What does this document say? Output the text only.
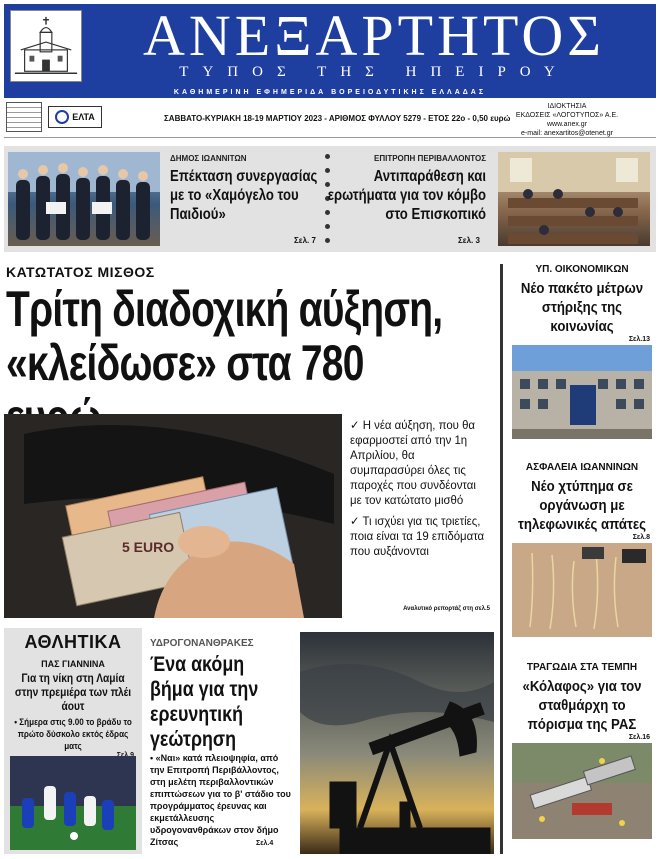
ΑΝΕΞΑΡΤΗΤΟΣ
ΤΥΠΟΣ ΤΗΣ ΗΠΕΙΡΟΥ
ΚΑΘΗΜΕΡΙΝΗ ΕΦΗΜΕΡΙΔΑ ΒΟΡΕΙΟΔΥΤΙΚΗΣ ΕΛΛΑΔΑΣ
ΕΛΤΑ	ΣΑΒΒΑΤΟ-ΚΥΡΙΑΚΗ 18-19 ΜΑΡΤΙΟΥ 2023 - ΑΡΙΘΜΟΣ ΦΥΛΛΟΥ 5279 - ΕΤΟΣ 22ο - 0,50 ευρώ
ΙΔΙΟΚΤΗΣΙΑ
ΕΚΔΟΣΕΙΣ «ΛΟΓΟΤΥΠΟΣ» Α.Ε.
www.anex.gr
e-mail: anexartitos@otenet.gr
ΔΗΜΟΣ ΙΩΑΝΝΙΤΩΝ
Επέκταση συνεργασίας με το «Χαμόγελο του Παιδιού»
Σελ. 7
ΕΠΙΤΡΟΠΗ ΠΕΡΙΒΑΛΛΟΝΤΟΣ
Αντιπαράθεση και ερωτήματα για τον κόμβο στο Επισκοπικό
Σελ. 3
ΚΑΤΩΤΑΤΟΣ ΜΙΣΘΟΣ
Τρίτη διαδοχική αύξηση,
«κλείδωσε» στα 780
5 EURO

✓ Η νέα αύξηση, που θα εφαρμοστεί από την 1η Απριλίου, θα συμπαρασύρει όλες τις παροχές που συνδέονται με τον κατώτατο μισθό

✓ Τι ισχύει για τις τριετίες, ποια είναι τα 19 επιδόματα που αυξάνονται

Αναλυτικό ρεπορτάζ στη σελ.5
ΥΠ. ΟΙΚΟΝΟΜΙΚΩΝ
Νέο πακέτο μέτρων στήριξης της κοινωνίας
Σελ.13
ΑΣΦΑΛΕΙΑ ΙΩΑΝΝΙΝΩΝ
Νέο χτύπημα σε οργάνωση με τηλεφωνικές απάτες
Σελ.8
ΤΡΑΓΩΔΙΑ ΣΤΑ ΤΕΜΠΗ
«Κόλαφος» για τον σταθμάρχη το πόρισμα της ΡΑΣ
Σελ.16
ΑΘΛΗΤΙΚΑ
ΠΑΣ ΓΙΑΝΝΙΝΑ
Για τη νίκη στη Λαμία στην πρεμιέρα των πλέι άουτ
• Σήμερα στις 9.00 το βράδυ το πρώτο δύσκολο εκτός έδρας ματς
ΥΔΡΟΓΟΝΑΝΘΡΑΚΕΣ
Ένα ακόμη βήμα για την ερευνητική γεώτρηση
• «Ναι» κατά πλειοψηφία, από την Επιτροπή Περιβάλλοντος, στη μελέτη περιβαλλοντικών επιπτώσεων για το β' στάδιο του προγράμματος έρευνας και εκμετάλλευσης υδρογονανθράκων στον δήμο Ζίτσας	Σελ.4
